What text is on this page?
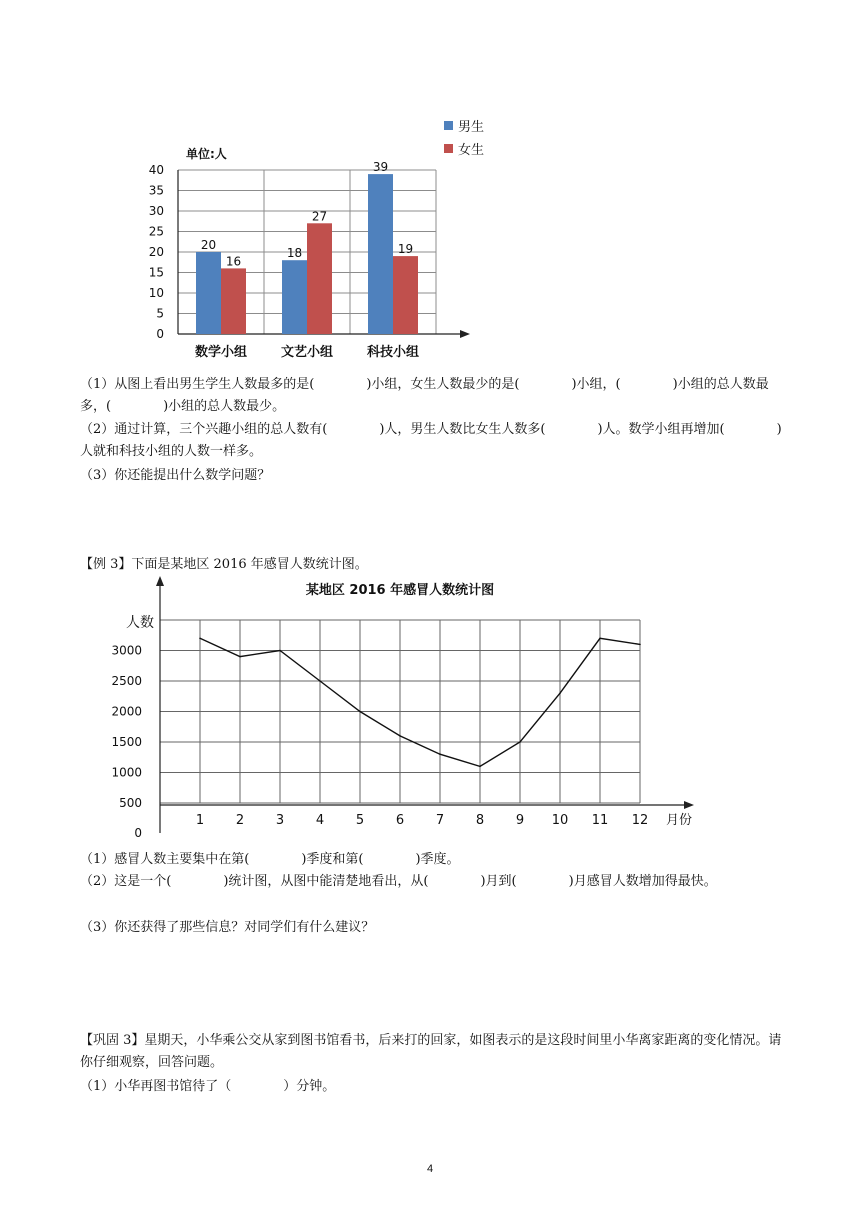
0
5
10
15
20
25
30
35
40
单位:人
20
16
数学小组
18
27
文艺小组
39
19
科技小组
男生
女生
（1）从图上看出男生学生人数最多的是(　　　　)小组，女生人数最少的是(　　　　)小组，(　　　　)小组的总人数最多，(　　　　)小组的总人数最少。
（2）通过计算，三个兴趣小组的总人数有(　　　　)人，男生人数比女生人数多(　　　　)人。数学小组再增加(　　　　)人就和科技小组的人数一样多。
（3）你还能提出什么数学问题？
【例 3】下面是某地区 2016 年感冒人数统计图。
某地区 2016 年感冒人数统计图
人数
0
500
1000
1500
2000
2500
3000
1 2 3 4 5 6 7 8 9 10 11 12 月份
（1）感冒人数主要集中在第(　　　　)季度和第(　　　　)季度。
（2）这是一个(　　　　)统计图，从图中能清楚地看出，从(　　　　)月到(　　　　)月感冒人数增加得最快。
（3）你还获得了那些信息？对同学们有什么建议？
【巩固 3】星期天，小华乘公交从家到图书馆看书，后来打的回家，如图表示的是这段时间里小华离家距离的变化情况。请你仔细观察，回答问题。
（1）小华再图书馆待了（　　　　）分钟。
4
